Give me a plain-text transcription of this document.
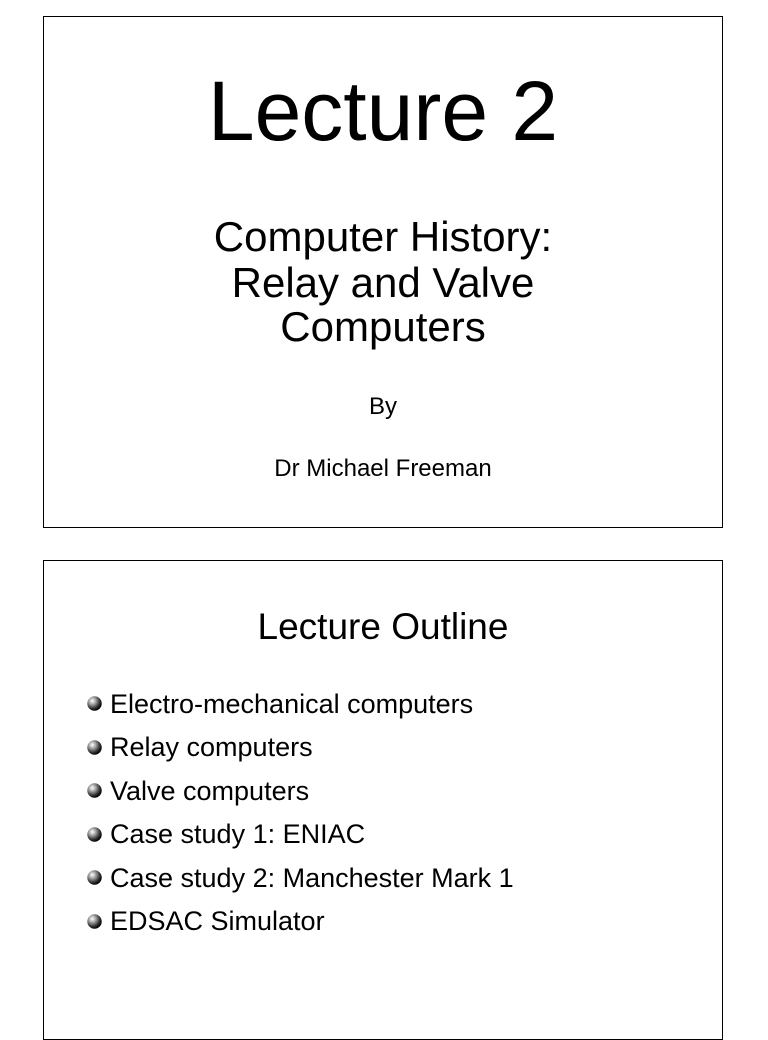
Lecture 2
Computer History:
Relay and Valve
Computers
By
Dr Michael Freeman
Lecture Outline
Electro-mechanical computers
Relay computers
Valve computers
Case study 1: ENIAC
Case study 2: Manchester Mark 1
EDSAC Simulator
